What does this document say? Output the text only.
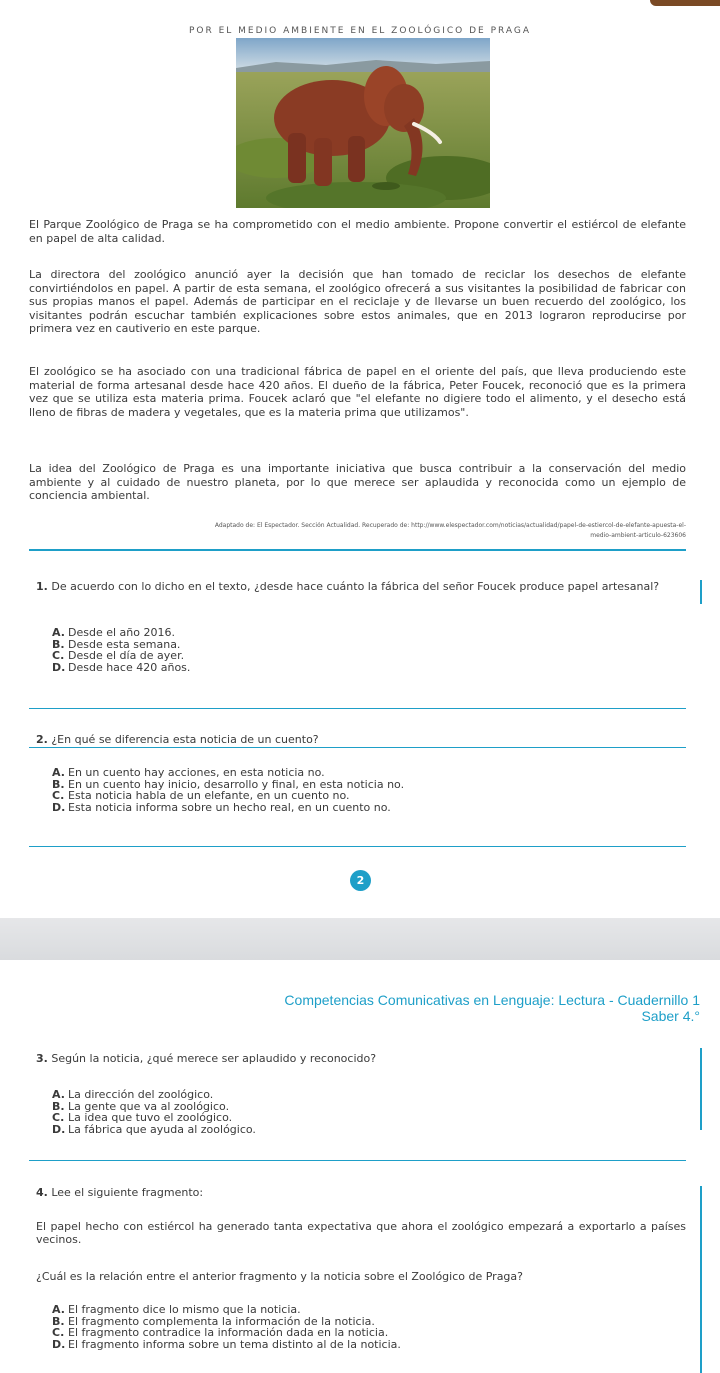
POR EL MEDIO AMBIENTE EN EL ZOOLÓGICO DE PRAGA

El Parque Zoológico de Praga se ha comprometido con el medio ambiente. Propone convertir el estiércol de elefante en papel de alta calidad.

La directora del zoológico anunció ayer la decisión que han tomado de reciclar los desechos de elefante convirtiéndolos en papel. A partir de esta semana, el zoológico ofrecerá a sus visitantes la posibilidad de fabricar con sus propias manos el papel. Además de participar en el reciclaje y de llevarse un buen recuerdo del zoológico, los visitantes podrán escuchar también explicaciones sobre estos animales, que en 2013 lograron reproducirse por primera vez en cautiverio en este parque.

El zoológico se ha asociado con una tradicional fábrica de papel en el oriente del país, que lleva produciendo este material de forma artesanal desde hace 420 años. El dueño de la fábrica, Peter Foucek, reconoció que es la primera vez que se utiliza esta materia prima. Foucek aclaró que "el elefante no digiere todo el alimento, y el desecho está lleno de fibras de madera y vegetales, que es la materia prima que utilizamos".

La idea del Zoológico de Praga es una importante iniciativa que busca contribuir a la conservación del medio ambiente y al cuidado de nuestro planeta, por lo que merece ser aplaudida y reconocida como un ejemplo de conciencia ambiental.

Adaptado de: El Espectador. Sección Actualidad. Recuperado de: http://www.elespectador.com/noticias/actualidad/papel-de-estiercol-de-elefante-apuesta-el-medio-ambient-articulo-623606

1. De acuerdo con lo dicho en el texto, ¿desde hace cuánto la fábrica del señor Foucek produce papel artesanal?

A. Desde el año 2016.
B. Desde esta semana.
C. Desde el día de ayer.
D. Desde hace 420 años.

2. ¿En qué se diferencia esta noticia de un cuento?

A. En un cuento hay acciones, en esta noticia no.
B. En un cuento hay inicio, desarrollo y final, en esta noticia no.
C. Esta noticia habla de un elefante, en un cuento no.
D. Esta noticia informa sobre un hecho real, en un cuento no.
2

Competencias Comunicativas en Lenguaje: Lectura - Cuadernillo 1
Saber 4.°

3. Según la noticia, ¿qué merece ser aplaudido y reconocido?

A. La dirección del zoológico.
B. La gente que va al zoológico.
C. La idea que tuvo el zoológico.
D. La fábrica que ayuda al zoológico.

4. Lee el siguiente fragmento:

El papel hecho con estiércol ha generado tanta expectativa que ahora el zoológico empezará a exportarlo a países vecinos.

¿Cuál es la relación entre el anterior fragmento y la noticia sobre el Zoológico de Praga?

A. El fragmento dice lo mismo que la noticia.
B. El fragmento complementa la información de la noticia.
C. El fragmento contradice la información dada en la noticia.
D. El fragmento informa sobre un tema distinto al de la noticia.
